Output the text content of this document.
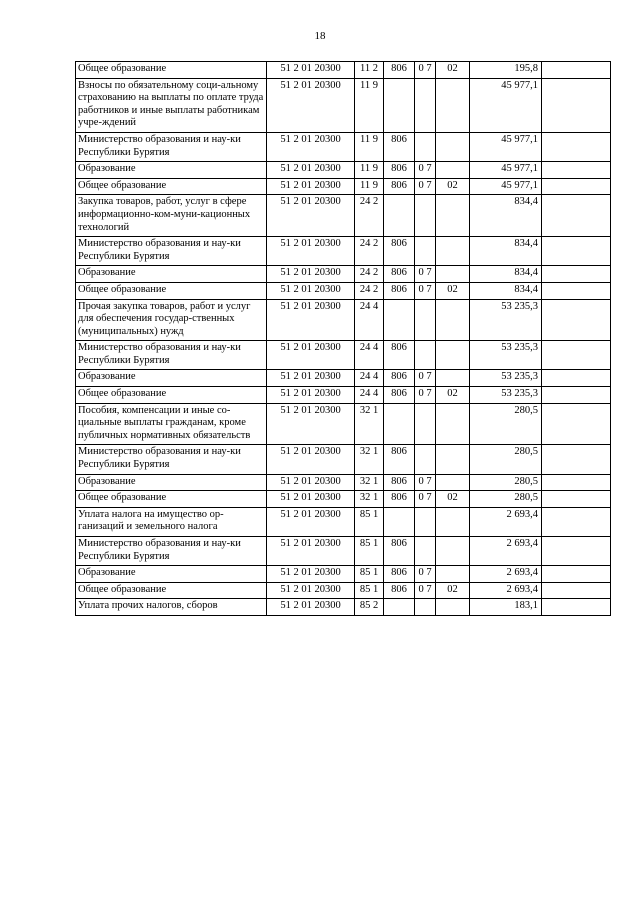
18
Общее образование	51 2 01 20300	11 2	806	0 7	02	195,8	
Взносы по обязательному соци-альному страхованию на выплаты по оплате труда работников и иные выплаты работникам учре-ждений	51 2 01 20300	11 9				45 977,1	
Министерство образования и нау-ки Республики Бурятия	51 2 01 20300	11 9	806			45 977,1	
Образование	51 2 01 20300	11 9	806	0 7		45 977,1	
Общее образование	51 2 01 20300	11 9	806	0 7	02	45 977,1	
Закупка товаров, работ, услуг в сфере информационно-ком-муни-кационных технологий	51 2 01 20300	24 2				834,4	
Министерство образования и нау-ки Республики Бурятия	51 2 01 20300	24 2	806			834,4	
Образование	51 2 01 20300	24 2	806	0 7		834,4	
Общее образование	51 2 01 20300	24 2	806	0 7	02	834,4	
Прочая закупка товаров, работ и услуг для обеспечения государ-ственных (муниципальных) нужд	51 2 01 20300	24 4				53 235,3	
Министерство образования и нау-ки Республики Бурятия	51 2 01 20300	24 4	806			53 235,3	
Образование	51 2 01 20300	24 4	806	0 7		53 235,3	
Общее образование	51 2 01 20300	24 4	806	0 7	02	53 235,3	
Пособия, компенсации и иные со-циальные выплаты гражданам, кроме публичных нормативных обязательств	51 2 01 20300	32 1				280,5	
Министерство образования и нау-ки Республики Бурятия	51 2 01 20300	32 1	806			280,5	
Образование	51 2 01 20300	32 1	806	0 7		280,5	
Общее образование	51 2 01 20300	32 1	806	0 7	02	280,5	
Уплата налога на имущество ор-ганизаций и земельного налога	51 2 01 20300	85 1				2 693,4	
Министерство образования и нау-ки Республики Бурятия	51 2 01 20300	85 1	806			2 693,4	
Образование	51 2 01 20300	85 1	806	0 7		2 693,4	
Общее образование	51 2 01 20300	85 1	806	0 7	02	2 693,4	
Уплата прочих налогов, сборов	51 2 01 20300	85 2				183,1	
